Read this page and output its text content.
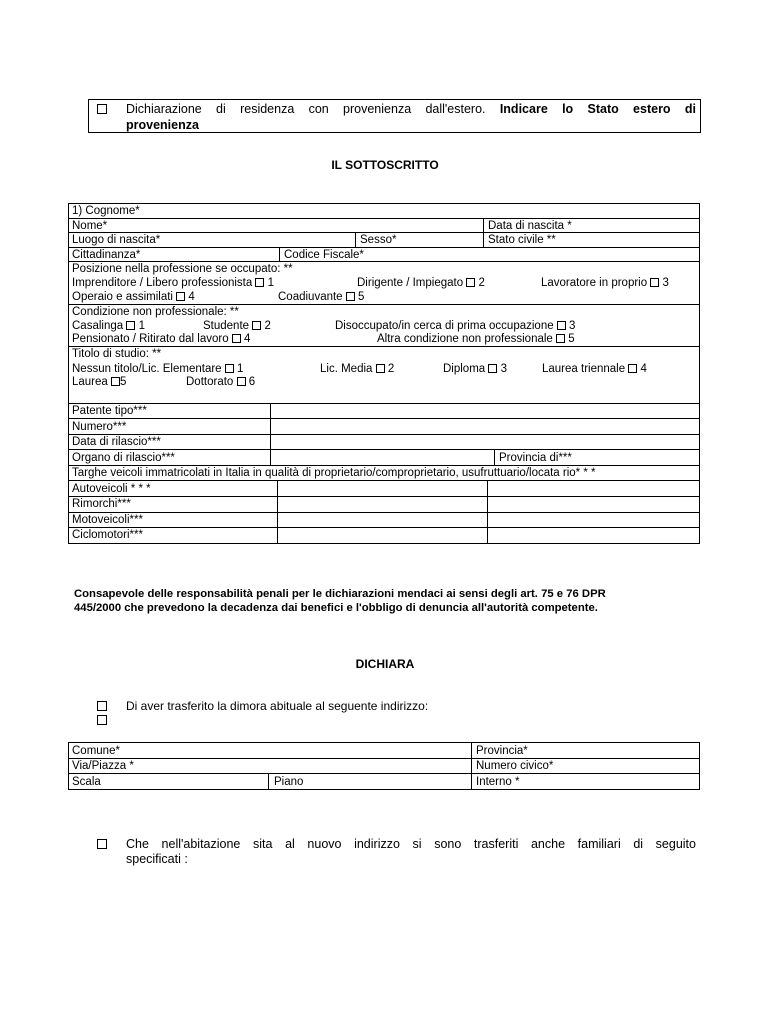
Dichiarazione di residenza con provenienza dall'estero. Indicare lo Stato estero di
provenienza
IL SOTTOSCRITTO
1) Cognome*
Nome*	Data di nascita *
Luogo di nascita*	Sesso*	Stato civile **
Cittadinanza*	Codice Fiscale*
Posizione nella professione se occupato: **
Imprenditore / Libero professionista 1	Dirigente / Impiegato 2	Lavoratore in proprio 3
Operaio e assimilati 4	Coadiuvante 5
Condizione non professionale: **
Casalinga 1	Studente 2	Disoccupato/in cerca di prima occupazione 3
Pensionato / Ritirato dal lavoro 4	Altra condizione non professionale 5
Titolo di studio: **
Nessun titolo/Lic. Elementare 1	Lic. Media 2	Diploma 3	Laurea triennale 4
Laurea 5	Dottorato 6
Patente tipo***
Numero***
Data di rilascio***
Organo di rilascio***	Provincia di***
Targhe veicoli immatricolati in Italia in qualità di proprietario/comproprietario, usufruttuario/locata rio* * *
Autoveicoli * * *
Rimorchi***
Motoveicoli***
Ciclomotori***
Consapevole delle responsabilità penali per le dichiarazioni mendaci ai sensi degli art. 75 e 76 DPR
445/2000 che prevedono la decadenza dai benefici e l'obbligo di denuncia all'autorità competente.
DICHIARA
Di aver trasferito la dimora abituale al seguente indirizzo:
Comune*	Provincia*
Via/Piazza *	Numero civico*
Scala	Piano	Interno *
Che nell'abitazione sita al nuovo indirizzo si sono trasferiti anche familiari di seguito
specificati :
